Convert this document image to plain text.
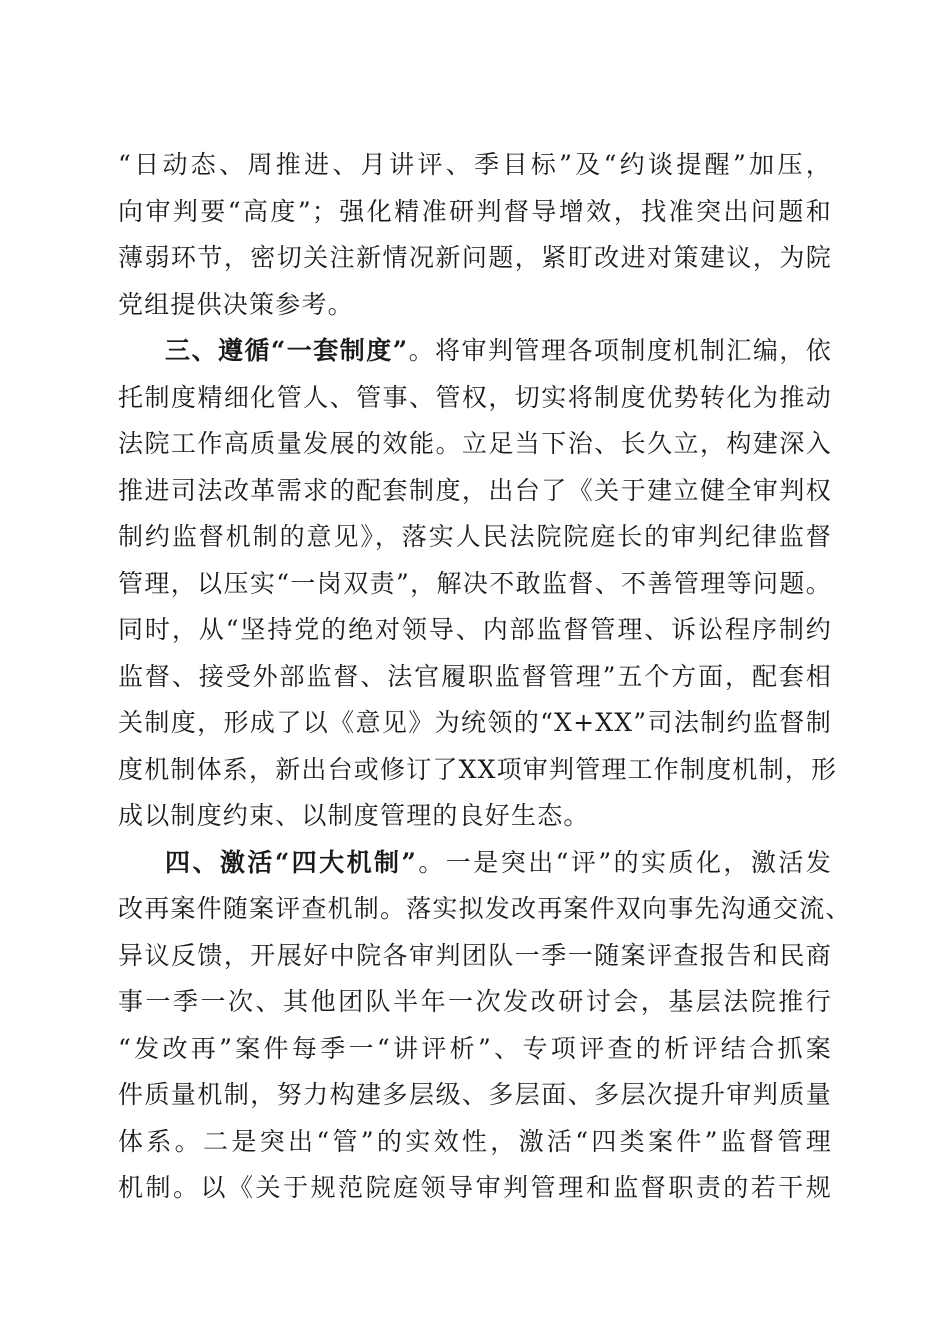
“日动态、周推进、月讲评、季目标”及“约谈提醒”加压，
向审判要“高度”；强化精准研判督导增效，找准突出问题和
薄弱环节，密切关注新情况新问题，紧盯改进对策建议，为院
党组提供决策参考。
三、遵循“一套制度”。将审判管理各项制度机制汇编，依
托制度精细化管人、管事、管权，切实将制度优势转化为推动
法院工作高质量发展的效能。立足当下治、长久立，构建深入
推进司法改革需求的配套制度，出台了《关于建立健全审判权
制约监督机制的意见》，落实人民法院院庭长的审判纪律监督
管理，以压实“一岗双责”，解决不敢监督、不善管理等问题。
同时，从“坚持党的绝对领导、内部监督管理、诉讼程序制约
监督、接受外部监督、法官履职监督管理”五个方面，配套相
关制度，形成了以《意见》为统领的“X+XX”司法制约监督制
度机制体系，新出台或修订了XX项审判管理工作制度机制，形
成以制度约束、以制度管理的良好生态。
四、激活“四大机制”。一是突出“评”的实质化，激活发
改再案件随案评查机制。落实拟发改再案件双向事先沟通交流、
异议反馈，开展好中院各审判团队一季一随案评查报告和民商
事一季一次、其他团队半年一次发改研讨会，基层法院推行
“发改再”案件每季一“讲评析”、专项评查的析评结合抓案
件质量机制，努力构建多层级、多层面、多层次提升审判质量
体系。二是突出“管”的实效性，激活“四类案件”监督管理
机制。以《关于规范院庭领导审判管理和监督职责的若干规
